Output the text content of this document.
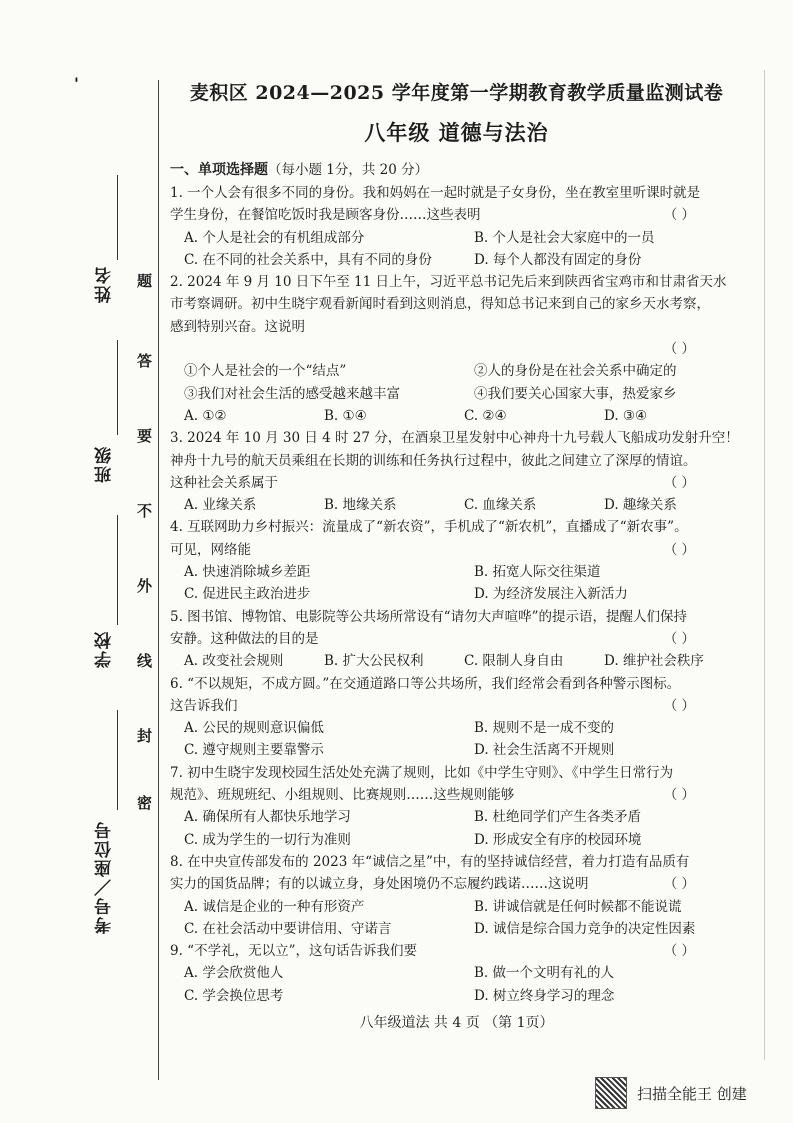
'
姓名
班级
学校
考号／座位号
题
答
要
不
外
线
封
密
麦积区 2024—2025 学年度第一学期教育教学质量监测试卷
八年级 道德与法治
一、单项选择题（每小题 1分，共 20 分）
1. 一个人会有很多不同的身份。我和妈妈在一起时就是子女身份，坐在教室里听课时就是
学生身份，在餐馆吃饭时我是顾客身份……这些表明	（ ）
A. 个人是社会的有机组成部分	B. 个人是社会大家庭中的一员
C. 在不同的社会关系中，具有不同的身份	D. 每个人都没有固定的身份
2. 2024 年 9 月 10 日下午至 11 日上午，习近平总书记先后来到陕西省宝鸡市和甘肃省天水
市考察调研。初中生晓宇观看新闻时看到这则消息，得知总书记来到自己的家乡天水考察，
感到特别兴奋。这说明
（ ）
①个人是社会的一个“结点”	②人的身份是在社会关系中确定的
③我们对社会生活的感受越来越丰富	④我们要关心国家大事，热爱家乡
A. ①②	B. ①④	C. ②④	D. ③④
3. 2024 年 10 月 30 日 4 时 27 分，在酒泉卫星发射中心神舟十九号载人飞船成功发射升空！
神舟十九号的航天员乘组在长期的训练和任务执行过程中，彼此之间建立了深厚的情谊。
这种社会关系属于	（ ）
A. 业缘关系	B. 地缘关系	C. 血缘关系	D. 趣缘关系
4. 互联网助力乡村振兴：流量成了“新农资”，手机成了“新农机”，直播成了“新农事”。
可见，网络能	（ ）
A. 快速消除城乡差距	B. 拓宽人际交往渠道
C. 促进民主政治进步	D. 为经济发展注入新活力
5. 图书馆、博物馆、电影院等公共场所常设有“请勿大声喧哗”的提示语，提醒人们保持
安静。这种做法的目的是	（ ）
A. 改变社会规则	B. 扩大公民权利	C. 限制人身自由	D. 维护社会秩序
6. “不以规矩，不成方圆。”在交通道路口等公共场所，我们经常会看到各种警示图标。
这告诉我们	（ ）
A. 公民的规则意识偏低	B. 规则不是一成不变的
C. 遵守规则主要靠警示	D. 社会生活离不开规则
7. 初中生晓宇发现校园生活处处充满了规则，比如《中学生守则》、《中学生日常行为
规范》、班规班纪、小组规则、比赛规则……这些规则能够	（ ）
A. 确保所有人都快乐地学习	B. 杜绝同学们产生各类矛盾
C. 成为学生的一切行为准则	D. 形成安全有序的校园环境
8. 在中央宣传部发布的 2023 年“诚信之星”中，有的坚持诚信经营，着力打造有品质有
实力的国货品牌；有的以诚立身，身处困境仍不忘履约践诺……这说明	（ ）
A. 诚信是企业的一种有形资产	B. 讲诚信就是任何时候都不能说谎
C. 在社会活动中要讲信用、守诺言	D. 诚信是综合国力竞争的决定性因素
9. “不学礼，无以立”，这句话告诉我们要	（ ）
A. 学会欣赏他人	B. 做一个文明有礼的人
C. 学会换位思考	D. 树立终身学习的理念
八年级道法 共 4 页 （第 1页）
扫描全能王 创建
